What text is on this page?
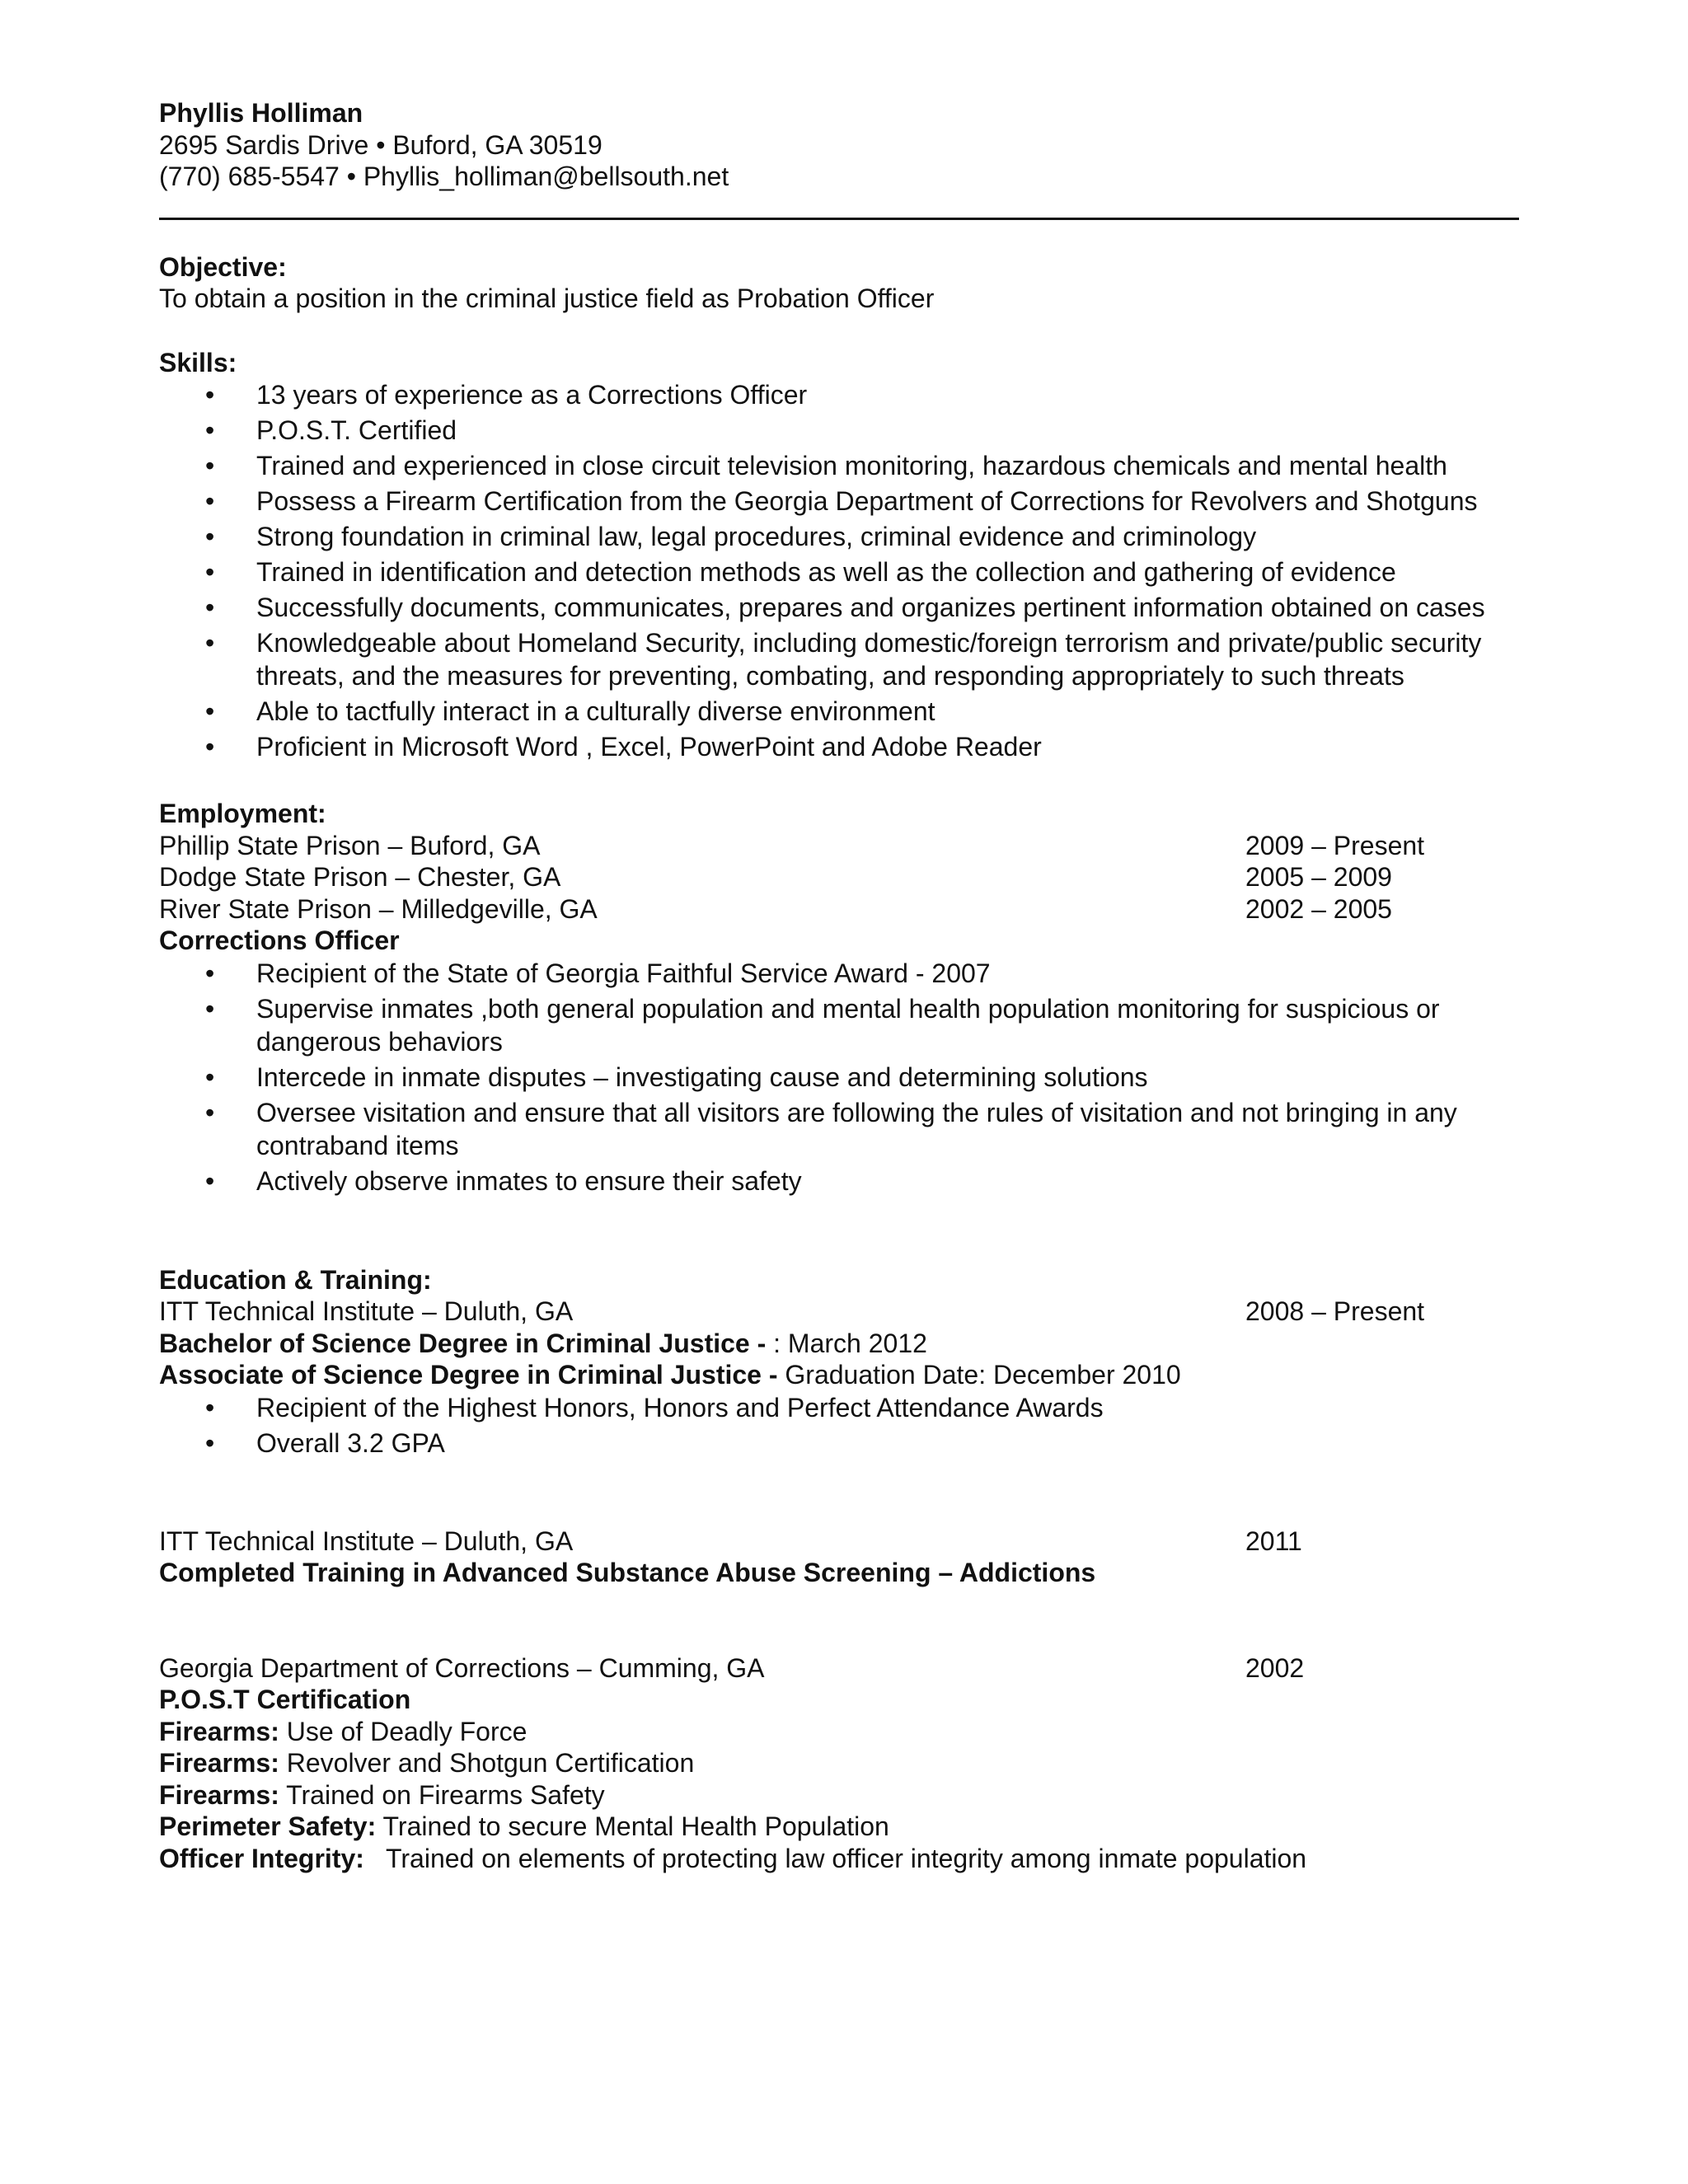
Phyllis Holliman
2695 Sardis Drive • Buford, GA 30519
(770) 685-5547 • Phyllis_holliman@bellsouth.net
Objective:
To obtain a position in the criminal justice field as Probation Officer
Skills:
• 13 years of experience as a Corrections Officer
• P.O.S.T. Certified
• Trained and experienced in close circuit television monitoring, hazardous chemicals and mental health
• Possess a Firearm Certification from the Georgia Department of Corrections for Revolvers and Shotguns
• Strong foundation in criminal law, legal procedures, criminal evidence and criminology
• Trained in identification and detection methods as well as the collection and gathering of evidence
• Successfully documents, communicates, prepares and organizes pertinent information obtained on cases
• Knowledgeable about Homeland Security, including domestic/foreign terrorism and private/public security threats, and the measures for preventing, combating, and responding appropriately to such threats
• Able to tactfully interact in a culturally diverse environment
• Proficient in Microsoft Word , Excel, PowerPoint and Adobe Reader
Employment:
Phillip State Prison – Buford, GA	2009 – Present
Dodge State Prison – Chester, GA	2005 – 2009
River State Prison – Milledgeville, GA	2002 – 2005
Corrections Officer
• Recipient of the State of Georgia Faithful Service Award - 2007
• Supervise inmates ,both general population and mental health population monitoring for suspicious or dangerous behaviors
• Intercede in inmate disputes – investigating cause and determining solutions
• Oversee visitation and ensure that all visitors are following the rules of visitation and not bringing in any contraband items
• Actively observe inmates to ensure their safety
Education & Training:
ITT Technical Institute – Duluth, GA	2008 – Present
Bachelor of Science Degree in Criminal Justice - : March 2012
Associate of Science Degree in Criminal Justice - Graduation Date: December 2010
• Recipient of the Highest Honors, Honors and Perfect Attendance Awards
• Overall 3.2 GPA
ITT Technical Institute – Duluth, GA	2011
Completed Training in Advanced Substance Abuse Screening – Addictions
Georgia Department of Corrections – Cumming, GA	2002
P.O.S.T Certification
Firearms: Use of Deadly Force
Firearms: Revolver and Shotgun Certification
Firearms: Trained on Firearms Safety
Perimeter Safety: Trained to secure Mental Health Population
Officer Integrity:   Trained on elements of protecting law officer integrity among inmate population
